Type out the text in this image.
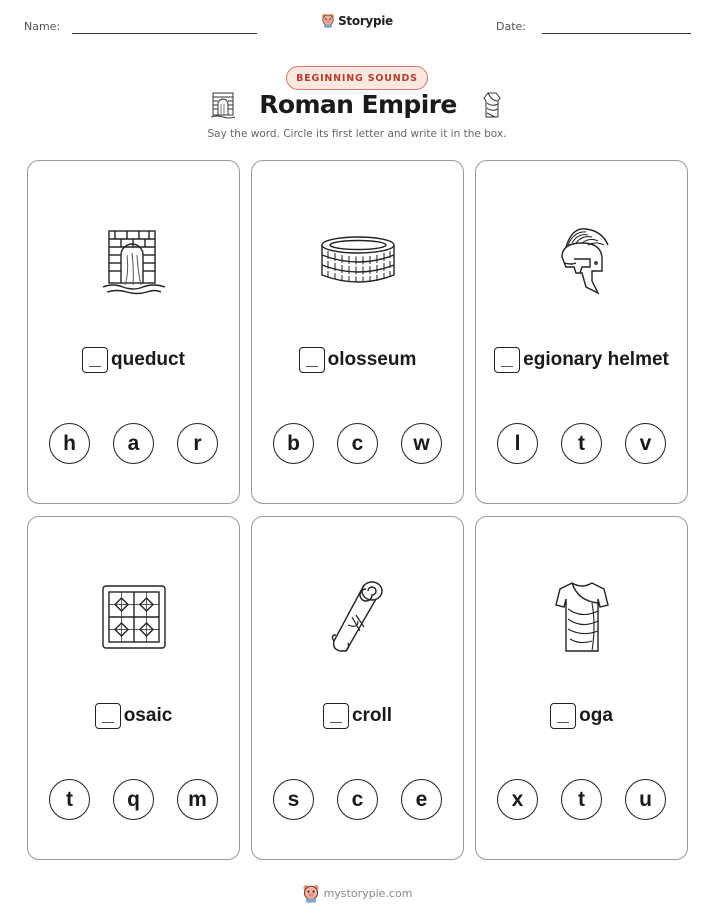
Name:	Date:
Storypie
BEGINNING SOUNDS
Roman Empire
Say the word. Circle its first letter and write it in the box.
queduct
h	a	r
olosseum
b	c	w
egionary helmet
l	t	v
osaic
t	q	m
croll
s	c	e
oga
x	t	u
mystorypie.com
